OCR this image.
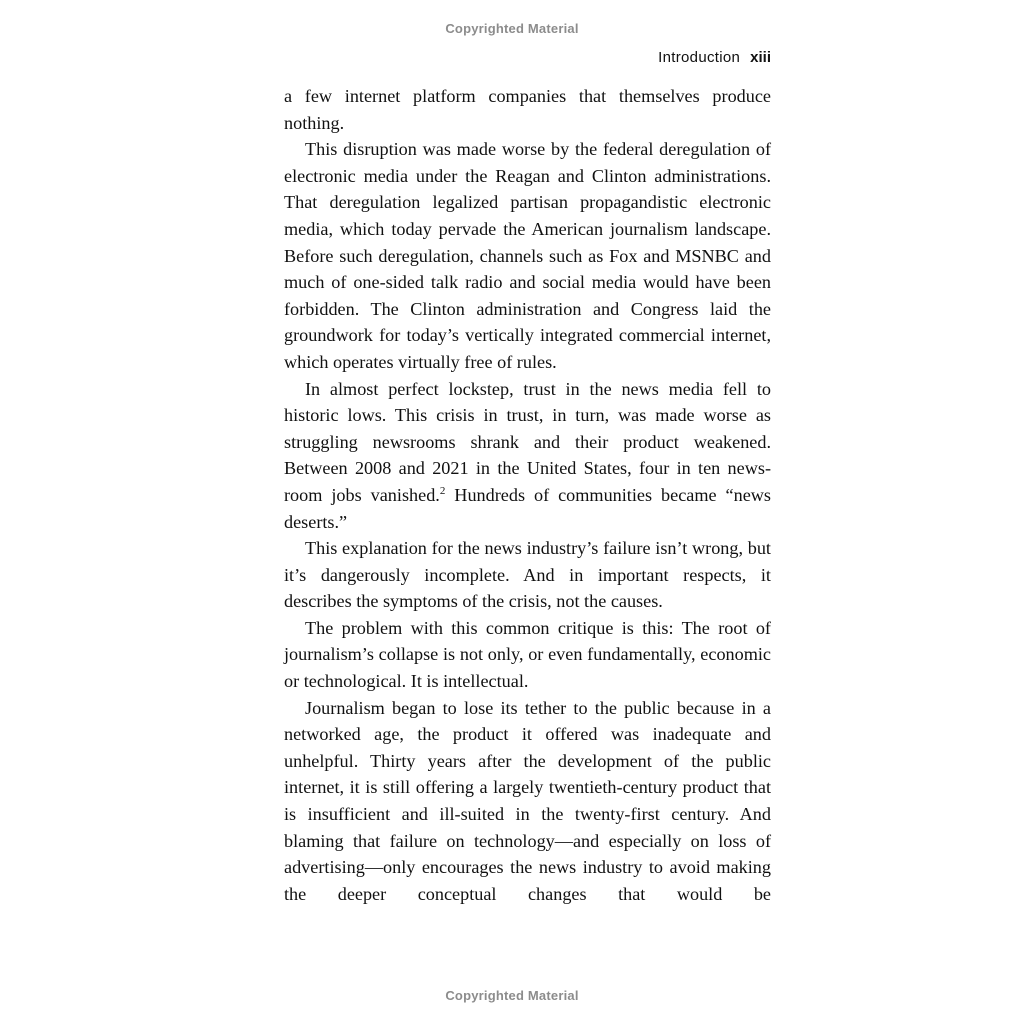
Copyrighted Material
Introduction xiii

a few internet platform companies that themselves produce nothing.

This disruption was made worse by the federal deregulation of electronic media under the Reagan and Clinton administrations. That deregulation legalized partisan propagandistic electronic media, which today pervade the American journalism landscape. Before such deregulation, channels such as Fox and MSNBC and much of one-sided talk radio and social media would have been forbidden. The Clinton administration and Congress laid the groundwork for today’s vertically integrated commercial internet, which operates virtually free of rules.

In almost perfect lockstep, trust in the news media fell to historic lows. This crisis in trust, in turn, was made worse as struggling newsrooms shrank and their product weakened. Between 2008 and 2021 in the United States, four in ten newsroom jobs vanished.$^2$ Hundreds of communities became “news deserts.”

This explanation for the news industry’s failure isn’t wrong, but it’s dangerously incomplete. And in important respects, it describes the symptoms of the crisis, not the causes.

The problem with this common critique is this: The root of journalism’s collapse is not only, or even fundamentally, economic or technological. It is intellectual.

Journalism began to lose its tether to the public because in a networked age, the product it offered was inadequate and unhelpful. Thirty years after the development of the public internet, it is still offering a largely twentieth-century product that is insufficient and ill-suited in the twenty-first century. And blaming that failure on technology—and especially on loss of advertising—only encourages the news industry to avoid making the deeper conceptual changes that would be

Copyrighted Material
